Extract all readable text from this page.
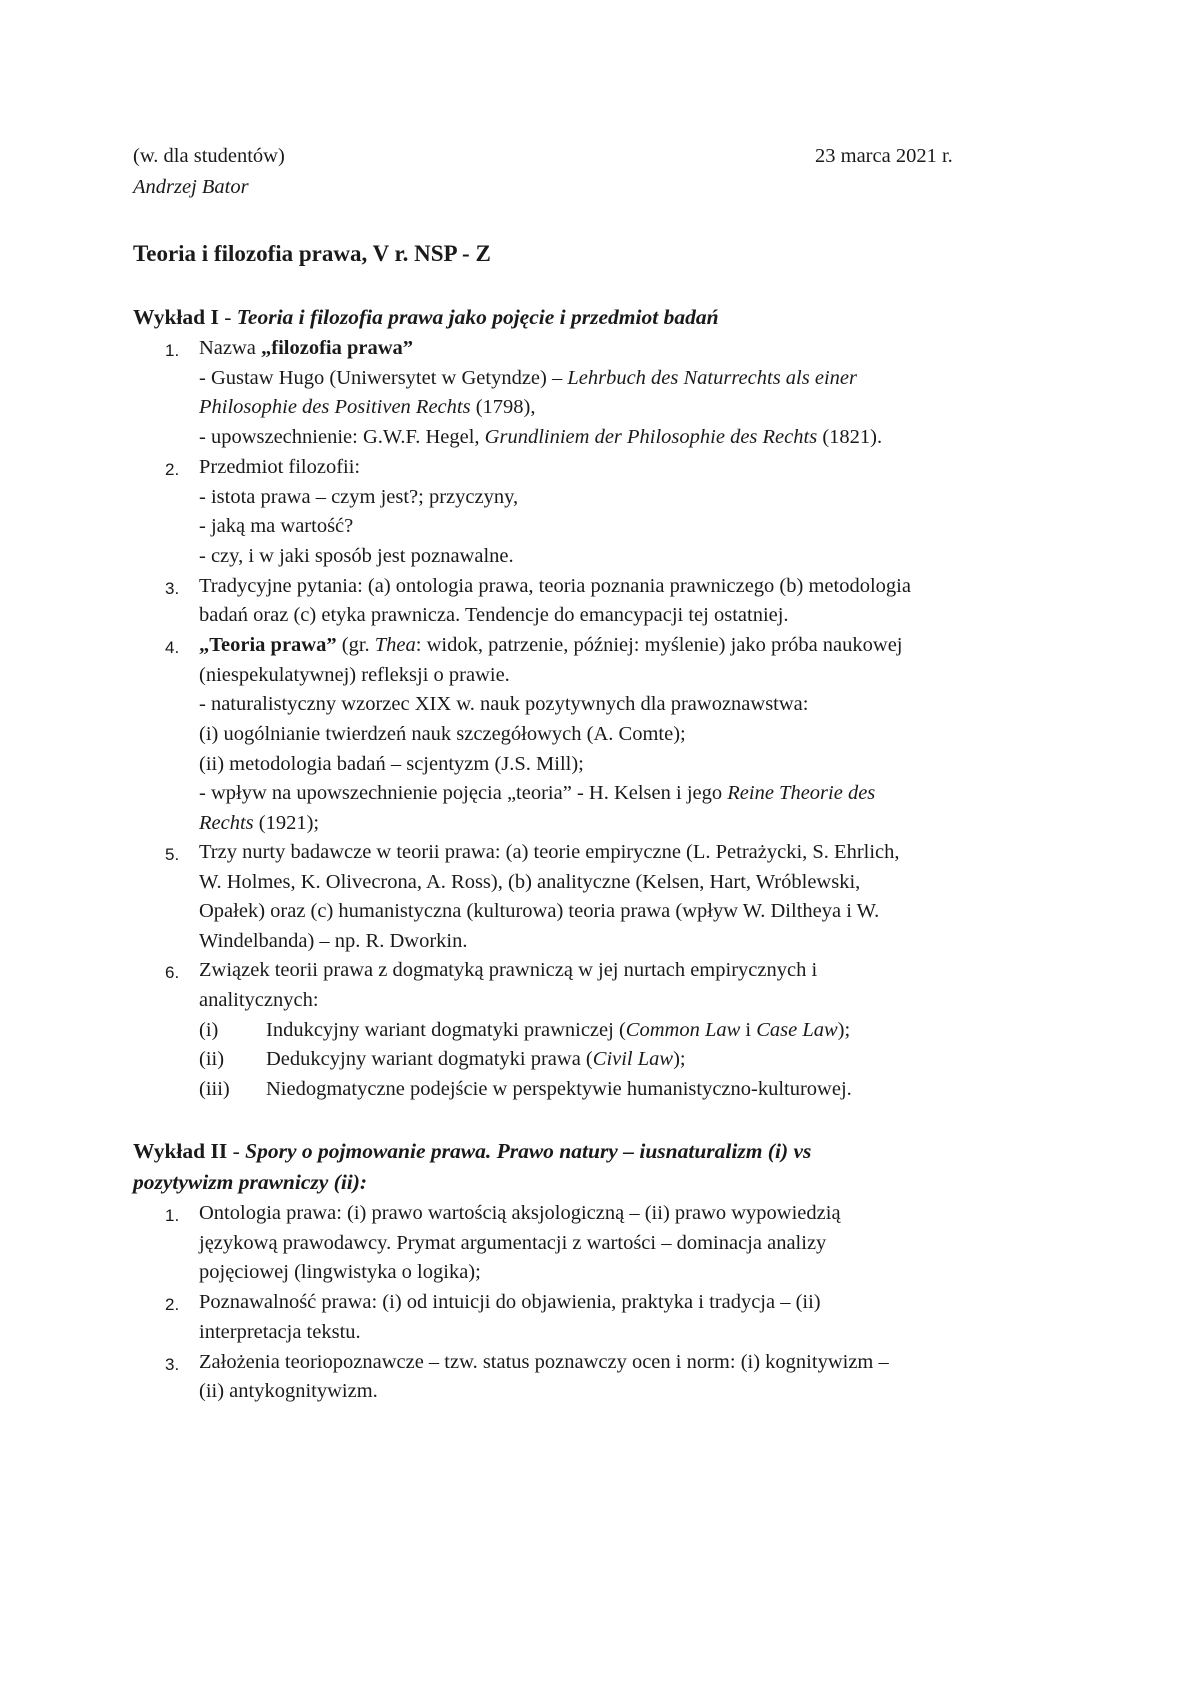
(w. dla studentów)	23 marca 2021 r.
Andrzej Bator
Teoria i filozofia prawa, V r. NSP - Z
Wykład I - Teoria i filozofia prawa jako pojęcie i przedmiot badań
1. Nazwa „filozofia prawa”
- Gustaw Hugo (Uniwersytet w Getyndze) – Lehrbuch des Naturrechts als einer
Philosophie des Positiven Rechts (1798),
- upowszechnienie: G.W.F. Hegel, Grundliniem der Philosophie des Rechts (1821).
2. Przedmiot filozofii:
- istota prawa – czym jest?; przyczyny,
- jaką ma wartość?
- czy, i w jaki sposób jest poznawalne.
3. Tradycyjne pytania: (a) ontologia prawa, teoria poznania prawniczego (b) metodologia
badań oraz (c) etyka prawnicza. Tendencje do emancypacji tej ostatniej.
4. „Teoria prawa” (gr. Thea: widok, patrzenie, później: myślenie) jako próba naukowej
(niespekulatywnej) refleksji o prawie.
- naturalistyczny wzorzec XIX w. nauk pozytywnych dla prawoznawstwa:
(i) uogólnianie twierdzeń nauk szczegółowych (A. Comte);
(ii) metodologia badań – scjentyzm (J.S. Mill);
- wpływ na upowszechnienie pojęcia „teoria” - H. Kelsen i jego Reine Theorie des
Rechts (1921);
5. Trzy nurty badawcze w teorii prawa: (a) teorie empiryczne (L. Petrażycki, S. Ehrlich,
W. Holmes, K. Olivecrona, A. Ross), (b) analityczne (Kelsen, Hart, Wróblewski,
Opałek) oraz (c) humanistyczna (kulturowa) teoria prawa (wpływ W. Diltheya i W.
Windelbanda) – np. R. Dworkin.
6. Związek teorii prawa z dogmatyką prawniczą w jej nurtach empirycznych i
analitycznych:
(i) Indukcyjny wariant dogmatyki prawniczej (Common Law i Case Law);
(ii) Dedukcyjny wariant dogmatyki prawa (Civil Law);
(iii) Niedogmatyczne podejście w perspektywie humanistyczno-kulturowej.
Wykład II - Spory o pojmowanie prawa. Prawo natury – iusnaturalizm (i) vs
pozytywizm prawniczy (ii):
1. Ontologia prawa: (i) prawo wartością aksjologiczną – (ii) prawo wypowiedzią
językową prawodawcy. Prymat argumentacji z wartości – dominacja analizy
pojęciowej (lingwistyka o logika);
2. Poznawalność prawa: (i) od intuicji do objawienia, praktyka i tradycja – (ii)
interpretacja tekstu.
3. Założenia teoriopoznawcze – tzw. status poznawczy ocen i norm: (i) kognitywizm –
(ii) antykognitywizm.
